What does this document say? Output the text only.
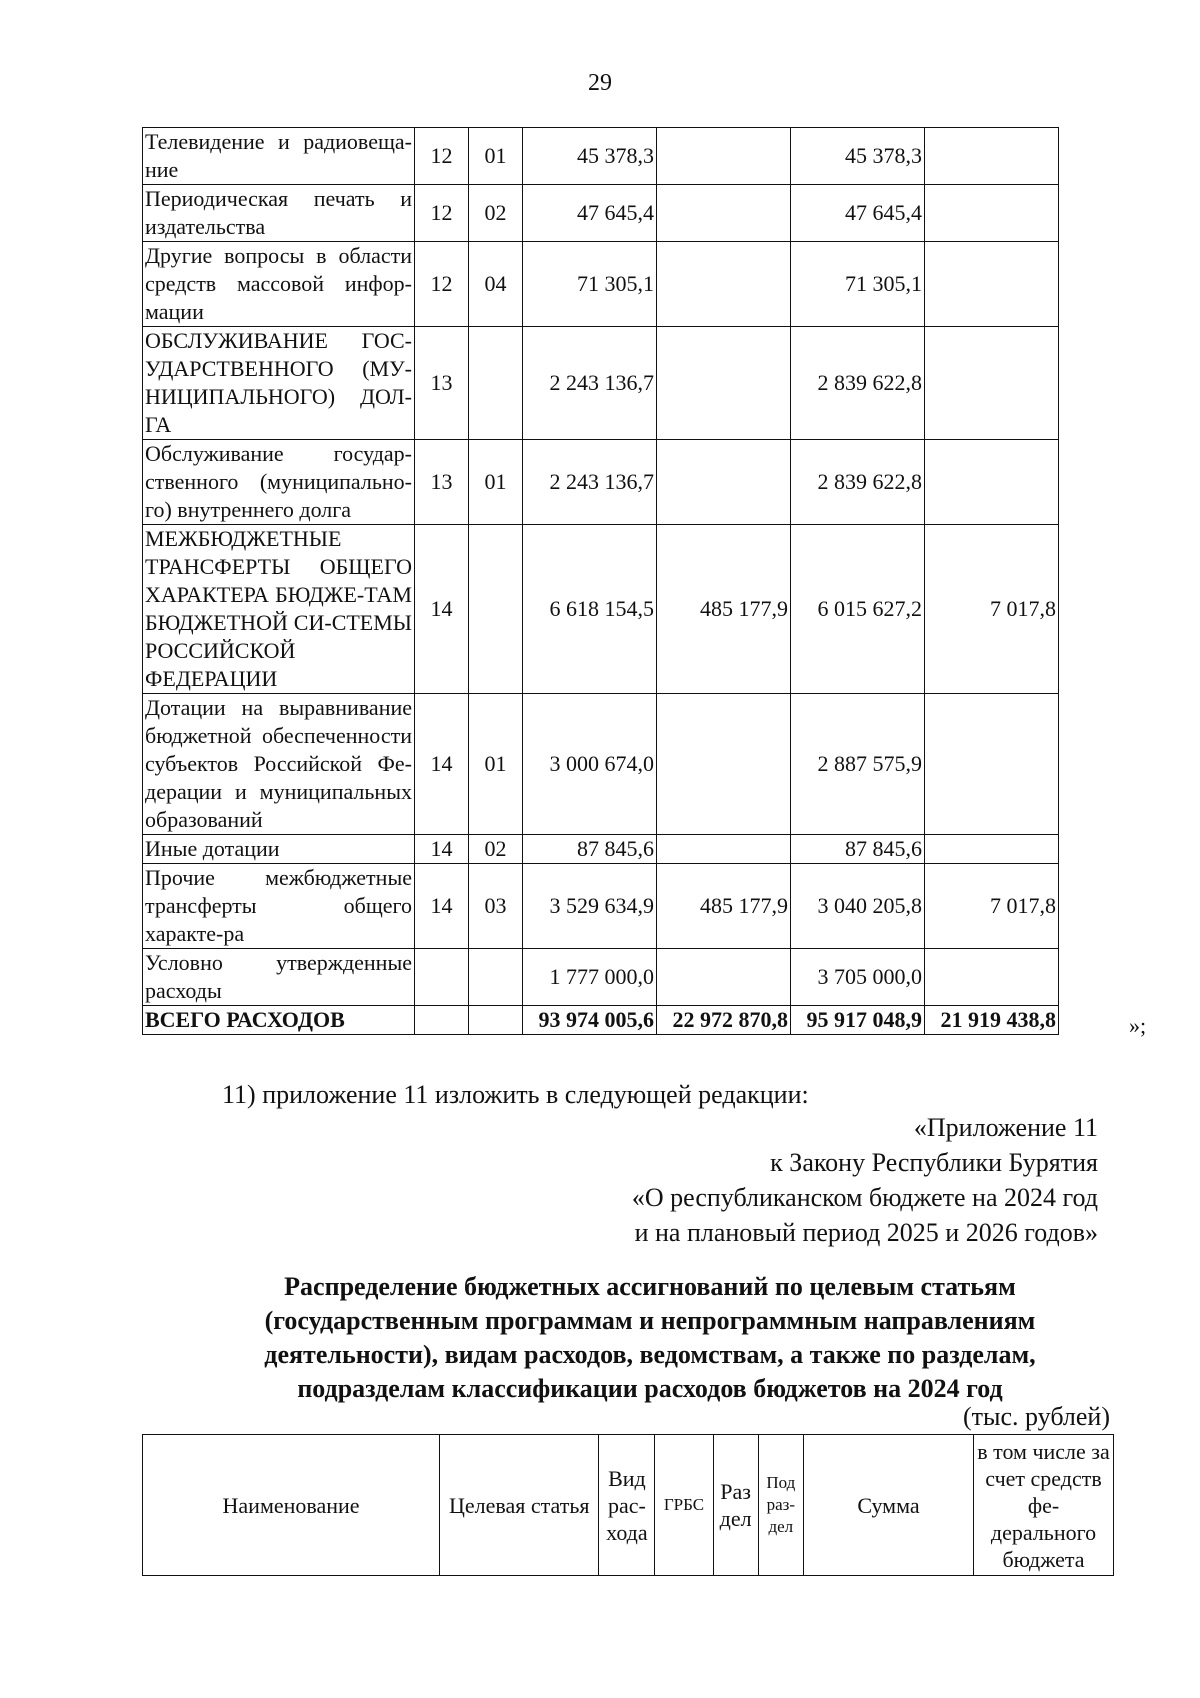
29
Телевидение и радиовеща-ние	12	01	45 378,3		45 378,3	
Периодическая печать и издательства	12	02	47 645,4		47 645,4	
Другие вопросы в области средств массовой инфор-мации	12	04	71 305,1		71 305,1	
ОБСЛУЖИВАНИЕ ГОС-УДАРСТВЕННОГО (МУ-НИЦИПАЛЬНОГО) ДОЛ-ГА	13		2 243 136,7		2 839 622,8	
Обслуживание государ-ственного (муниципально-го) внутреннего долга	13	01	2 243 136,7		2 839 622,8	
МЕЖБЮДЖЕТНЫЕ ТРАНСФЕРТЫ ОБЩЕГО ХАРАКТЕРА БЮДЖЕ-ТАМ БЮДЖЕТНОЙ СИ-СТЕМЫ РОССИЙСКОЙ ФЕДЕРАЦИИ	14		6 618 154,5	485 177,9	6 015 627,2	7 017,8
Дотации на выравнивание бюджетной обеспеченности субъектов Российской Фе-дерации и муниципальных образований	14	01	3 000 674,0		2 887 575,9	
Иные дотации	14	02	87 845,6		87 845,6	
Прочие межбюджетные трансферты общего характе-ра	14	03	3 529 634,9	485 177,9	3 040 205,8	7 017,8
Условно утвержденные расходы			1 777 000,0		3 705 000,0	
ВСЕГО РАСХОДОВ			93 974 005,6	22 972 870,8	95 917 048,9	21 919 438,8	»;
11) приложение 11 изложить в следующей редакции:
«Приложение 11
к Закону Республики Бурятия
«О республиканском бюджете на 2024 год
и на плановый период 2025 и 2026 годов»
Распределение бюджетных ассигнований по целевым статьям
(государственным программам и непрограммным направлениям
деятельности), видам расходов, ведомствам, а также по разделам,
подразделам классификации расходов бюджетов на 2024 год
(тыс. рублей)
Наименование	Целевая статья	Вид рас-хода	ГРБС	Раз дел	Под раз-дел	Сумма	в том числе за счет средств фе-дерального бюджета
